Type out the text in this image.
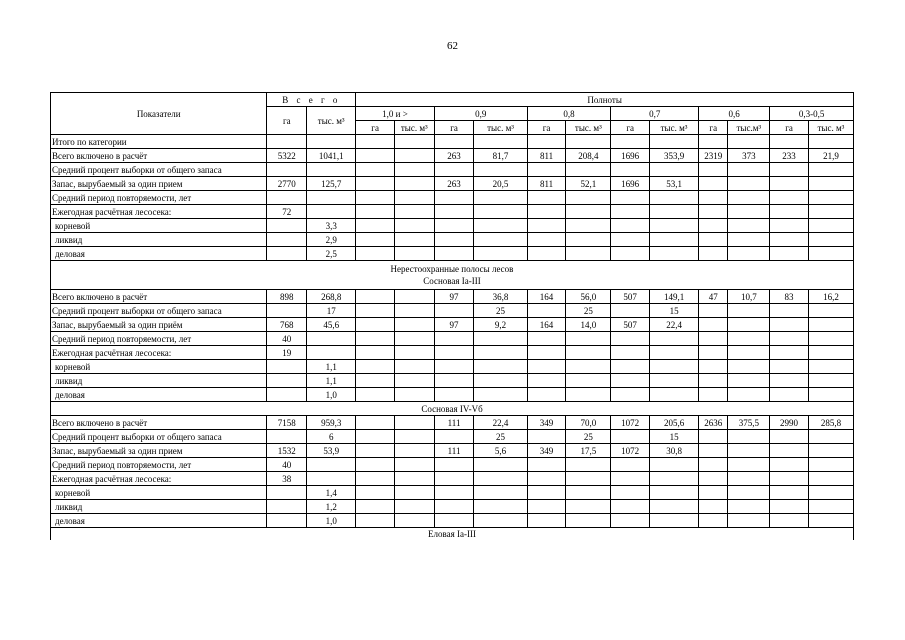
62
Показатели	В с е г о		Полноты											
	га	тыс. м³	1,0 и >		0,9		0,8		0,7		0,6		0,3-0,5	
			га	тыс. м³	га	тыс. м³	га	тыс. м³	га	тыс. м³	га	тыс.м³	га	тыс. м³
Итого по категории														
Всего включено в расчёт	5322	1041,1			263	81,7	811	208,4	1696	353,9	2319	373	233	21,9
Средний процент выборки от общего запаса														
Запас, вырубаемый за один прием	2770	125,7			263	20,5	811	52,1	1696	53,1				
Средний период повторяемости, лет														
Ежегодная расчётная лесосека:	72													
корневой		3,3												
ликвид		2,9												
деловая		2,5												

Нерестоохранные полосы лесов
Сосновая Iа-III														

Всего включено в расчёт	898	268,8			97	36,8	164	56,0	507	149,1	47	10,7	83	16,2
Средний процент выборки от общего запаса		17				25		25		15				
Запас, вырубаемый за один приём	768	45,6			97	9,2	164	14,0	507	22,4				
Средний период повторяемости, лет	40													
Ежегодная расчётная лесосека:	19													
корневой		1,1												
ликвид		1,1												
деловая		1,0												

Сосновая IV-Vб														

Всего включено в расчёт	7158	959,3			111	22,4	349	70,0	1072	205,6	2636	375,5	2990	285,8
Средний процент выборки от общего запаса		6				25		25		15				
Запас, вырубаемый за один прием	1532	53,9			111	5,6	349	17,5	1072	30,8				
Средний период повторяемости, лет	40													
Ежегодная расчётная лесосека:	38													
корневой		1,4												
ликвид		1,2												
деловая		1,0												

Еловая Iа-III														
